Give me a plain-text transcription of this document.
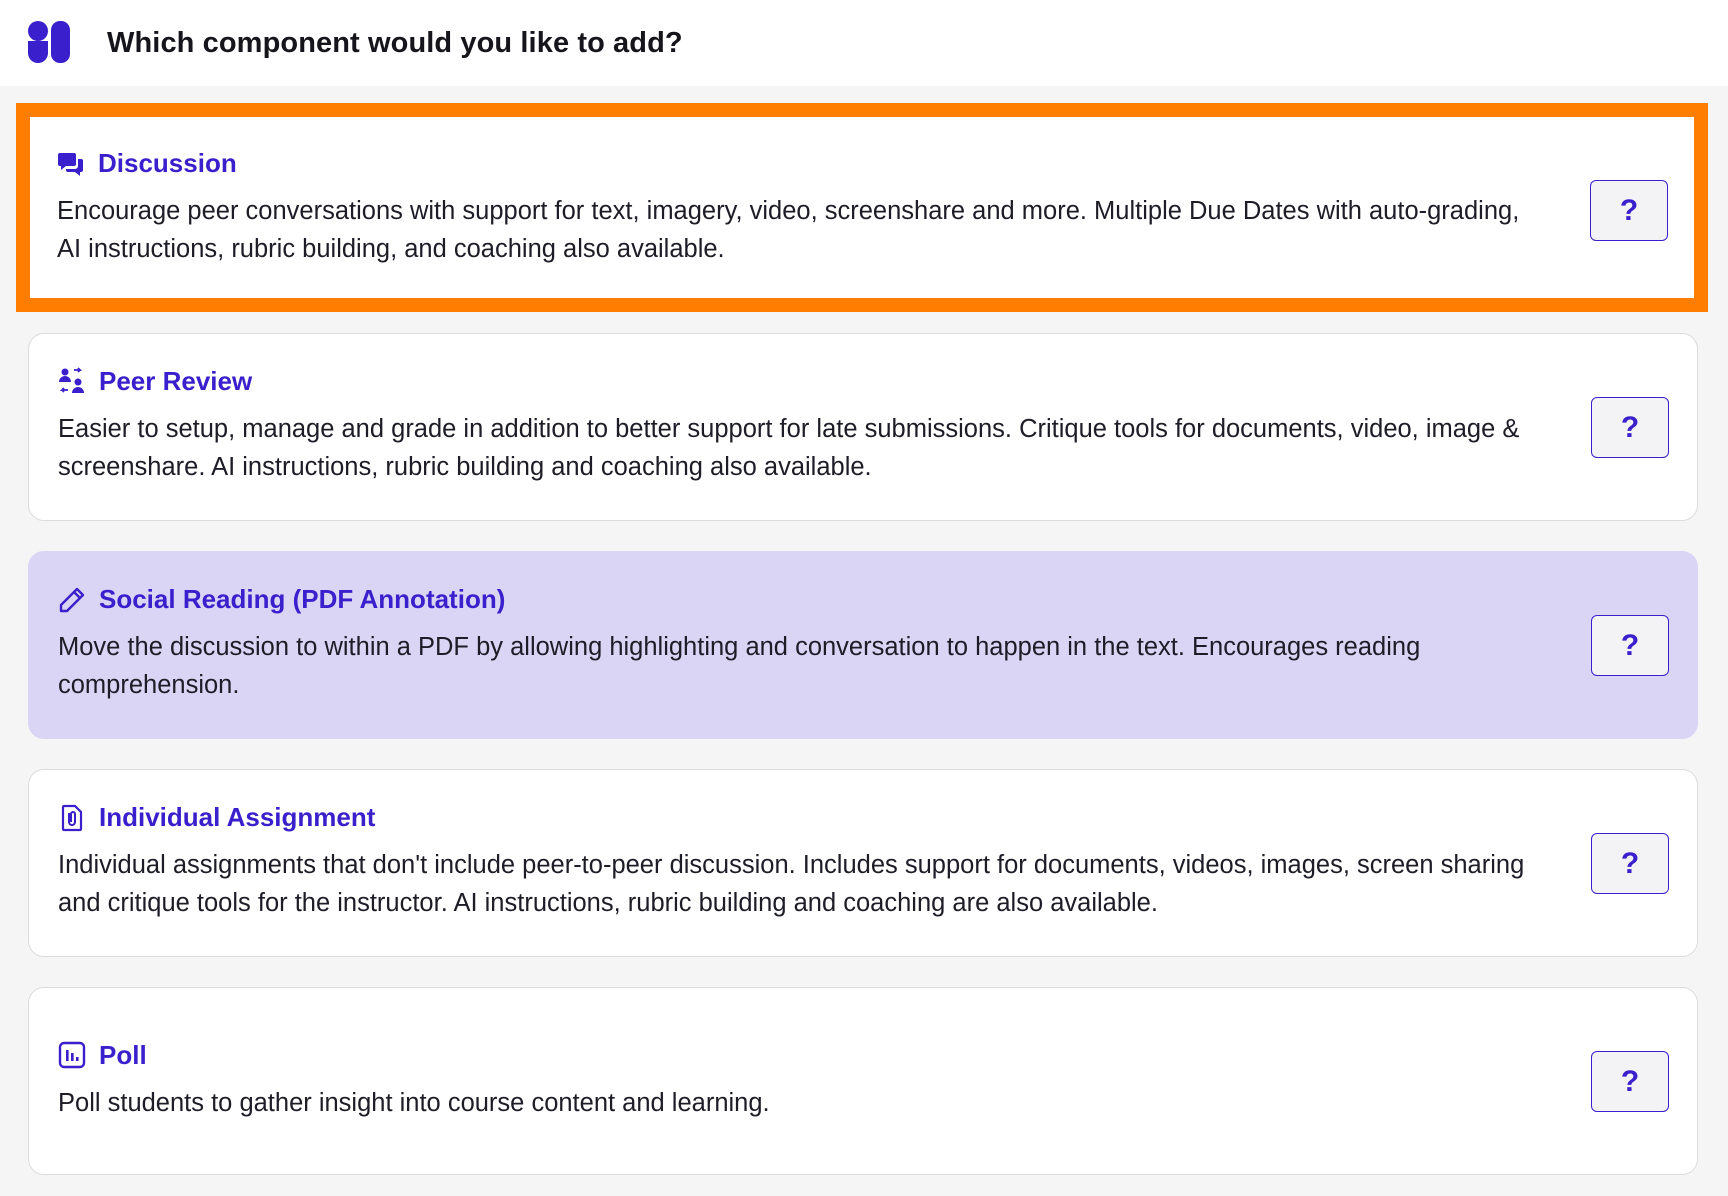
Which component would you like to add?
Discussion
Encourage peer conversations with support for text, imagery, video, screenshare and more. Multiple Due Dates with auto-grading, AI instructions, rubric building, and coaching also available.
?
Peer Review
Easier to setup, manage and grade in addition to better support for late submissions. Critique tools for documents, video, image & screenshare. AI instructions, rubric building and coaching also available.
?
Social Reading (PDF Annotation)
Move the discussion to within a PDF by allowing highlighting and conversation to happen in the text. Encourages reading comprehension.
?
Individual Assignment
Individual assignments that don't include peer-to-peer discussion. Includes support for documents, videos, images, screen sharing and critique tools for the instructor. AI instructions, rubric building and coaching are also available.
?
Poll
Poll students to gather insight into course content and learning.
?
